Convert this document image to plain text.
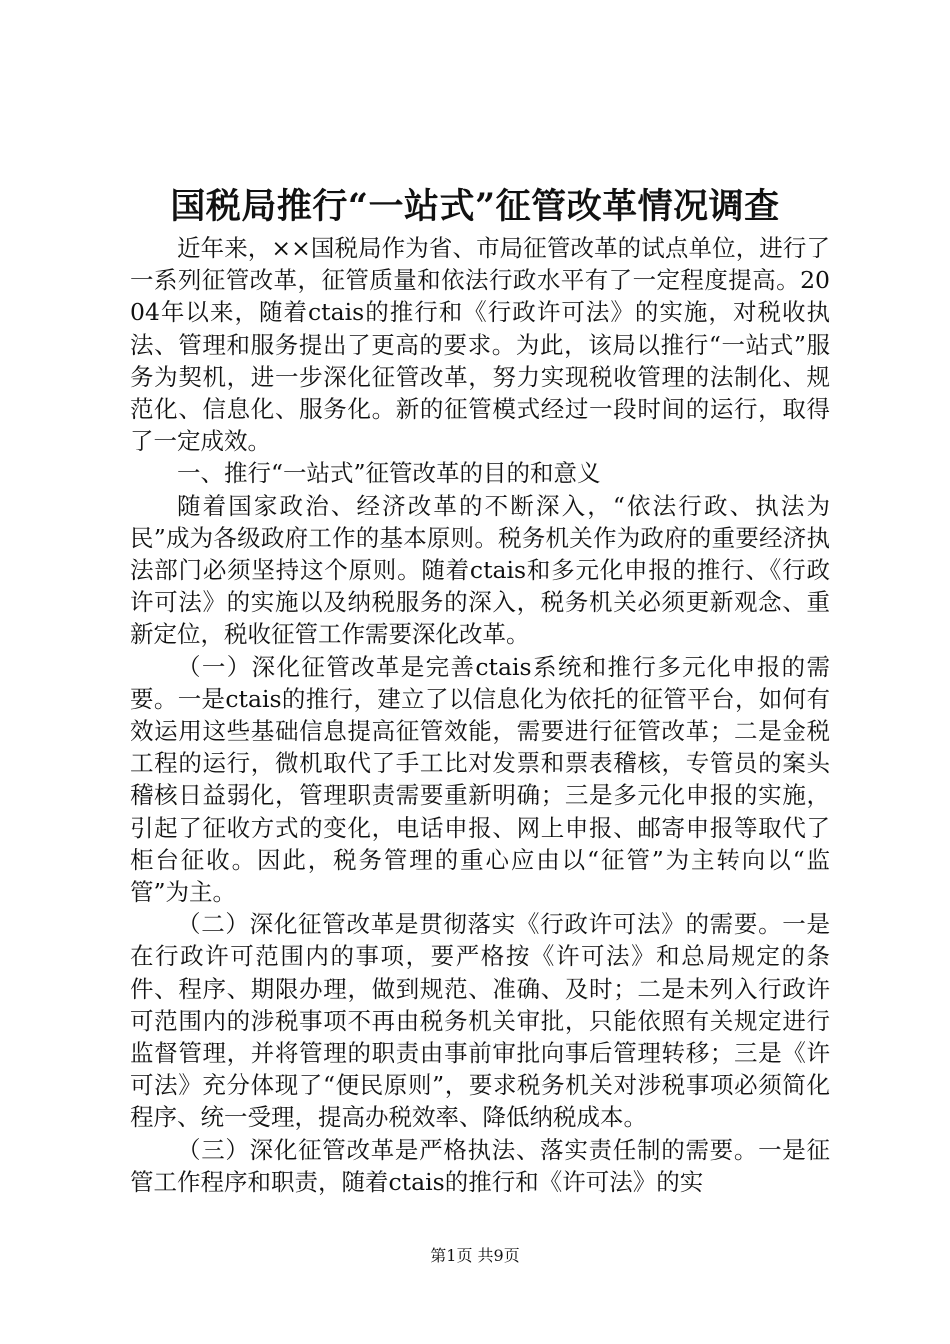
国税局推行“一站式”征管改革情况调查

近年来，××国税局作为省、市局征管改革的试点单位，进行了一系列征管改革，征管质量和依法行政水平有了一定程度提高。2004年以来，随着ctais的推行和《行政许可法》的实施，对税收执法、管理和服务提出了更高的要求。为此，该局以推行“一站式”服务为契机，进一步深化征管改革，努力实现税收管理的法制化、规范化、信息化、服务化。新的征管模式经过一段时间的运行，取得了一定成效。

一、推行“一站式”征管改革的目的和意义

随着国家政治、经济改革的不断深入，“依法行政、执法为民”成为各级政府工作的基本原则。税务机关作为政府的重要经济执法部门必须坚持这个原则。随着ctais和多元化申报的推行、《行政许可法》的实施以及纳税服务的深入，税务机关必须更新观念、重新定位，税收征管工作需要深化改革。

（一）深化征管改革是完善ctais系统和推行多元化申报的需要。一是ctais的推行，建立了以信息化为依托的征管平台，如何有效运用这些基础信息提高征管效能，需要进行征管改革；二是金税工程的运行，微机取代了手工比对发票和票表稽核，专管员的案头稽核日益弱化，管理职责需要重新明确；三是多元化申报的实施，引起了征收方式的变化，电话申报、网上申报、邮寄申报等取代了柜台征收。因此，税务管理的重心应由以“征管”为主转向以“监管”为主。

（二）深化征管改革是贯彻落实《行政许可法》的需要。一是在行政许可范围内的事项，要严格按《许可法》和总局规定的条件、程序、期限办理，做到规范、准确、及时；二是未列入行政许可范围内的涉税事项不再由税务机关审批，只能依照有关规定进行监督管理，并将管理的职责由事前审批向事后管理转移；三是《许可法》充分体现了“便民原则”，要求税务机关对涉税事项必须简化程序、统一受理，提高办税效率、降低纳税成本。

（三）深化征管改革是严格执法、落实责任制的需要。一是征管工作程序和职责，随着ctais的推行和《许可法》的实

第1页 共9页
